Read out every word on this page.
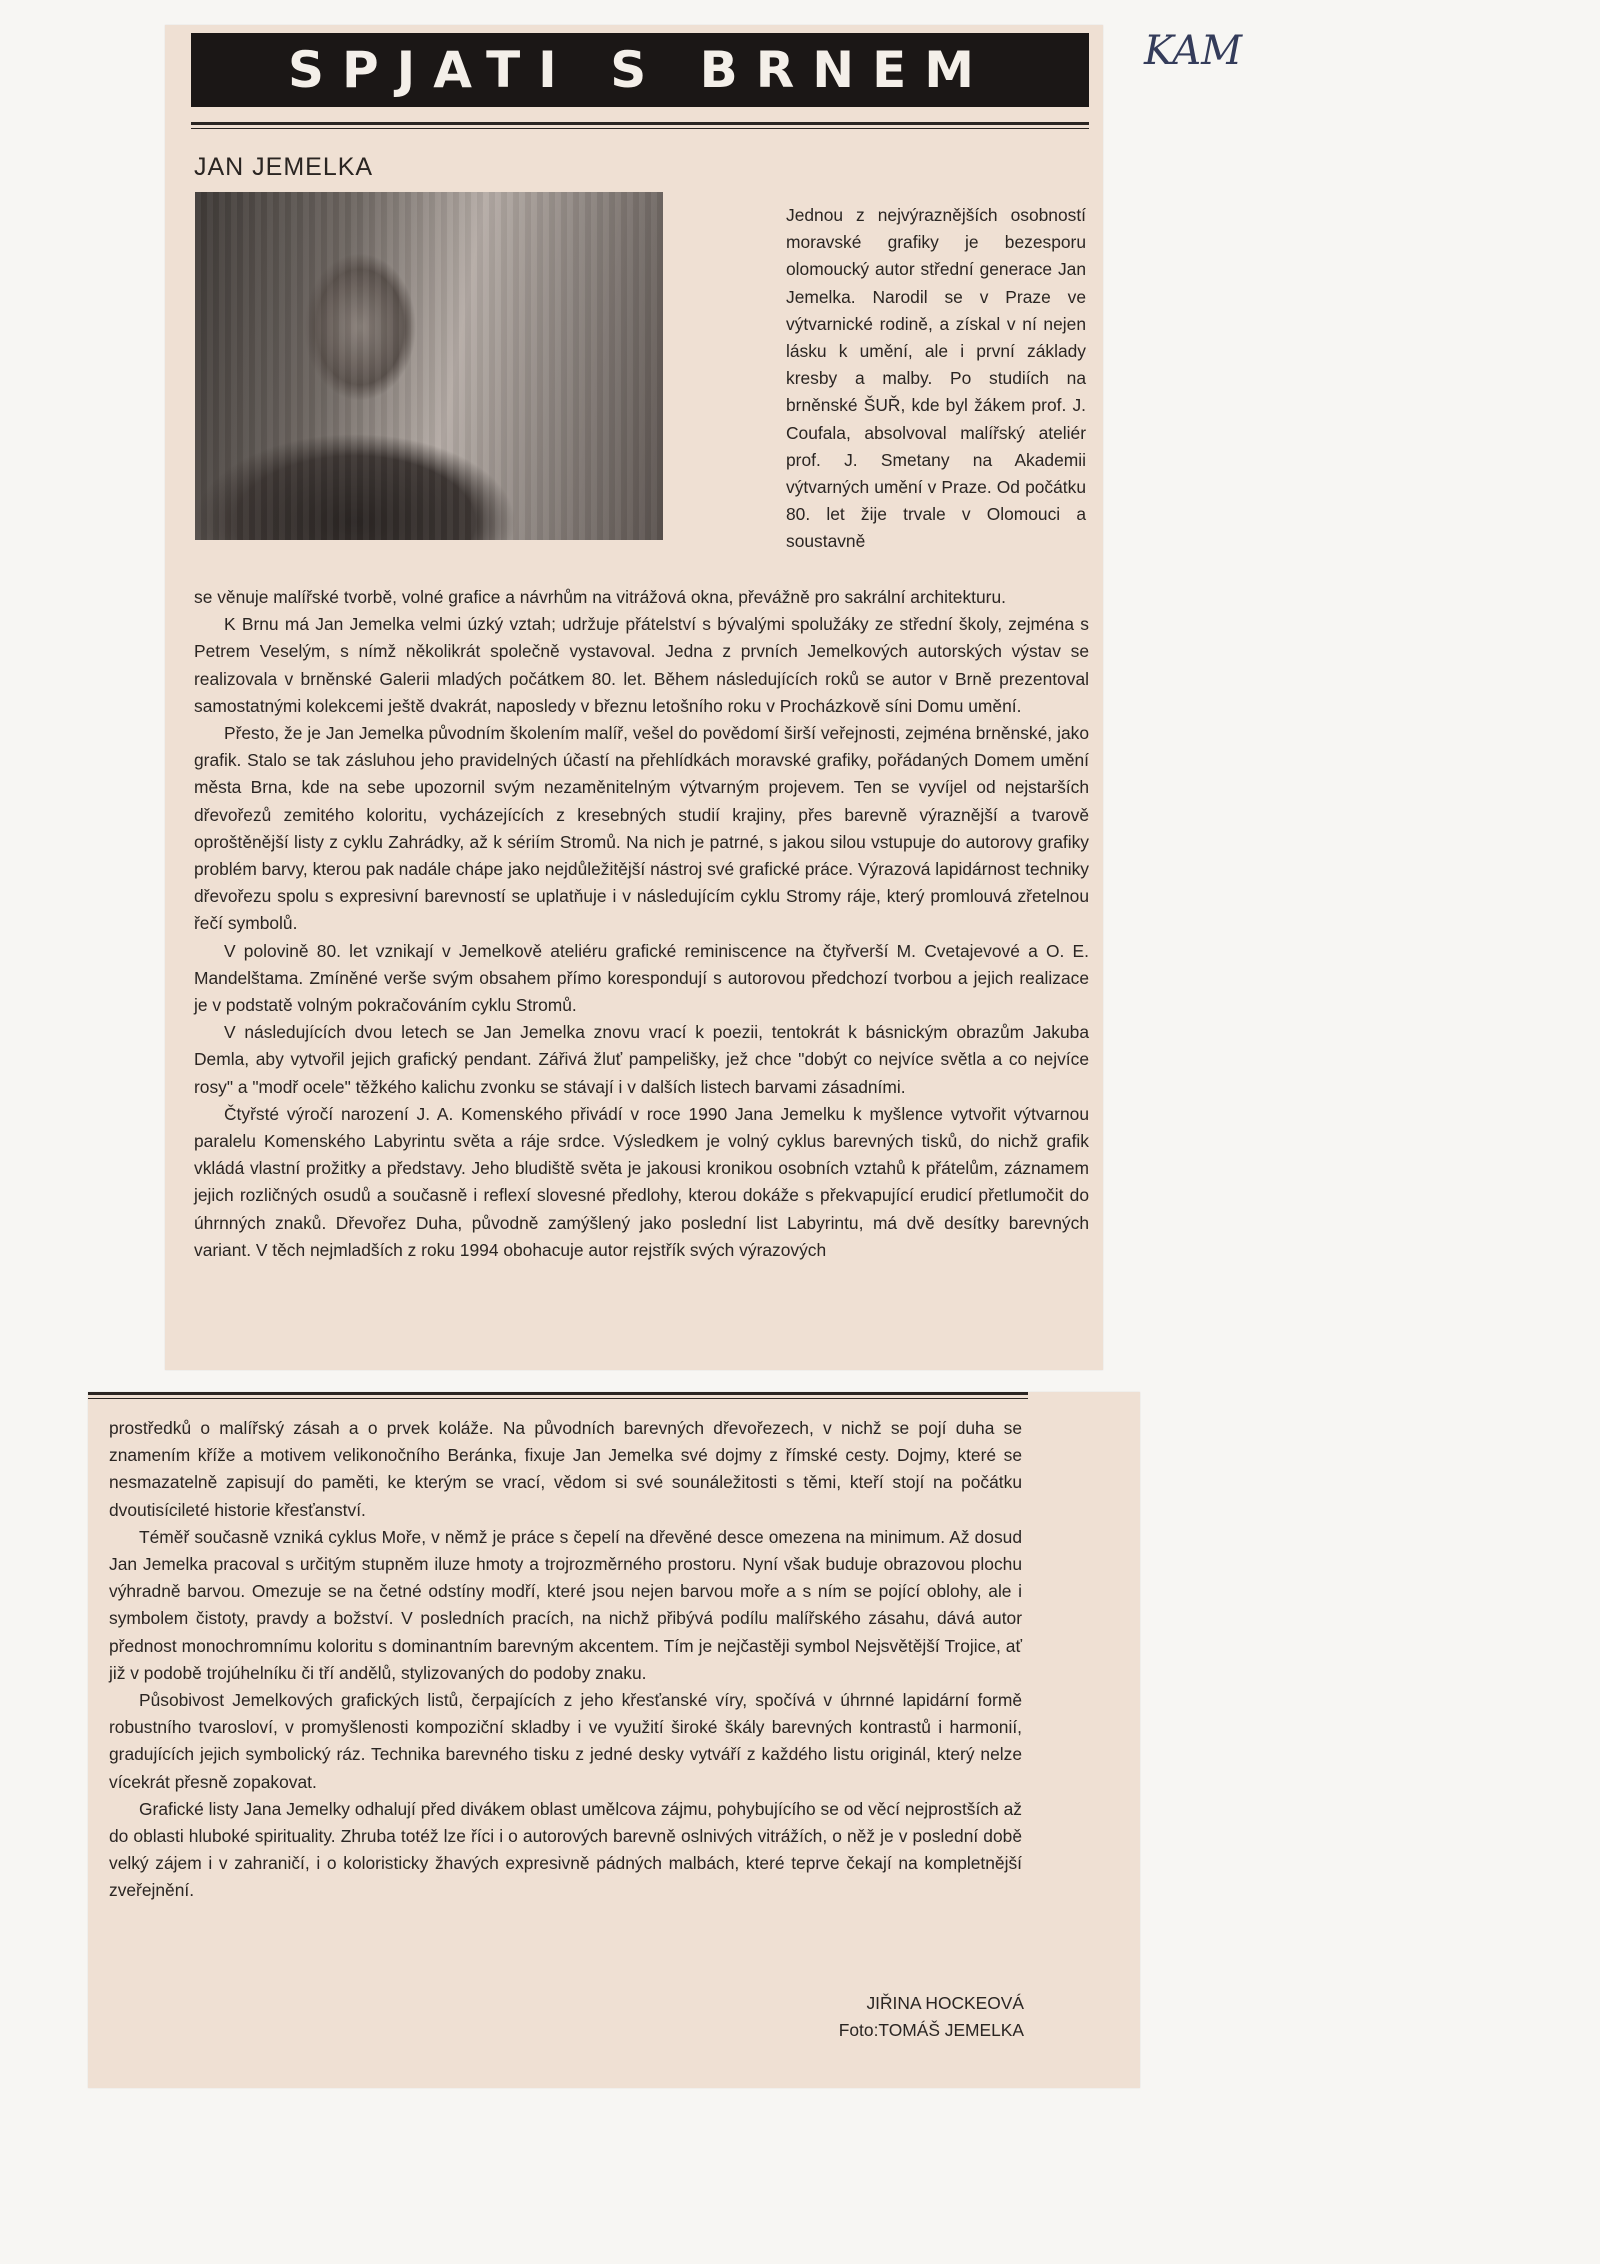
KAM
SPJATI S BRNEM
JAN JEMELKA
Jednou z nejvýraznějších osobností moravské grafiky je bezesporu olomoucký autor střední generace Jan Jemelka. Narodil se v Praze ve výtvarnické rodině, a získal v ní nejen lásku k umění, ale i první základy kresby a malby. Po studiích na brněnské ŠUŘ, kde byl žákem prof. J. Coufala, absolvoval malířský ateliér prof. J. Smetany na Akademii výtvarných umění v Praze. Od počátku 80. let žije trvale v Olomouci a soustavně

se věnuje malířské tvorbě, volné grafice a návrhům na vitrážová okna, převážně pro sakrální architekturu.

K Brnu má Jan Jemelka velmi úzký vztah; udržuje přátelství s bývalými spolužáky ze střední školy, zejména s Petrem Veselým, s nímž několikrát společně vystavoval. Jedna z prvních Jemelkových autorských výstav se realizovala v brněnské Galerii mladých počátkem 80. let. Během následujících roků se autor v Brně prezentoval samostatnými kolekcemi ještě dvakrát, naposledy v březnu letošního roku v Procházkově síni Domu umění.

Přesto, že je Jan Jemelka původním školením malíř, vešel do povědomí širší veřejnosti, zejména brněnské, jako grafik. Stalo se tak zásluhou jeho pravidelných účastí na přehlídkách moravské grafiky, pořádaných Domem umění města Brna, kde na sebe upozornil svým nezaměnitelným výtvarným projevem. Ten se vyvíjel od nejstarších dřevořezů zemitého koloritu, vycházejících z kresebných studií krajiny, přes barevně výraznější a tvarově oproštěnější listy z cyklu Zahrádky, až k sériím Stromů. Na nich je patrné, s jakou silou vstupuje do autorovy grafiky problém barvy, kterou pak nadále chápe jako nejdůležitější nástroj své grafické práce. Výrazová lapidárnost techniky dřevořezu spolu s expresivní barevností se uplatňuje i v následujícím cyklu Stromy ráje, který promlouvá zřetelnou řečí symbolů.

V polovině 80. let vznikají v Jemelkově ateliéru grafické reminiscence na čtyřverší M. Cvetajevové a O. E. Mandelštama. Zmíněné verše svým obsahem přímo korespondují s autorovou předchozí tvorbou a jejich realizace je v podstatě volným pokračováním cyklu Stromů.

V následujících dvou letech se Jan Jemelka znovu vrací k poezii, tentokrát k básnickým obrazům Jakuba Demla, aby vytvořil jejich grafický pendant. Zářivá žluť pampelišky, jež chce "dobýt co nejvíce světla a co nejvíce rosy" a "modř ocele" těžkého kalichu zvonku se stávají i v dalších listech barvami zásadními.

Čtyřsté výročí narození J. A. Komenského přivádí v roce 1990 Jana Jemelku k myšlence vytvořit výtvarnou paralelu Komenského Labyrintu světa a ráje srdce. Výsledkem je volný cyklus barevných tisků, do nichž grafik vkládá vlastní prožitky a představy. Jeho bludiště světa je jakousi kronikou osobních vztahů k přátelům, záznamem jejich rozličných osudů a současně i reflexí slovesné předlohy, kterou dokáže s překvapující erudicí přetlumočit do úhrnných znaků. Dřevořez Duha, původně zamýšlený jako poslední list Labyrintu, má dvě desítky barevných variant. V těch nejmladších z roku 1994 obohacuje autor rejstřík svých výrazových

prostředků o malířský zásah a o prvek koláže. Na původních barevných dřevořezech, v nichž se pojí duha se znamením kříže a motivem velikonočního Beránka, fixuje Jan Jemelka své dojmy z římské cesty. Dojmy, které se nesmazatelně zapisují do paměti, ke kterým se vrací, vědom si své sounáležitosti s těmi, kteří stojí na počátku dvoutisícileté historie křesťanství.

Téměř současně vzniká cyklus Moře, v němž je práce s čepelí na dřevěné desce omezena na minimum. Až dosud Jan Jemelka pracoval s určitým stupněm iluze hmoty a trojrozměrného prostoru. Nyní však buduje obrazovou plochu výhradně barvou. Omezuje se na četné odstíny modří, které jsou nejen barvou moře a s ním se pojící oblohy, ale i symbolem čistoty, pravdy a božství. V posledních pracích, na nichž přibývá podílu malířského zásahu, dává autor přednost monochromnímu koloritu s dominantním barevným akcentem. Tím je nejčastěji symbol Nejsvětější Trojice, ať již v podobě trojúhelníku či tří andělů, stylizovaných do podoby znaku.

Působivost Jemelkových grafických listů, čerpajících z jeho křesťanské víry, spočívá v úhrnné lapidární formě robustního tvarosloví, v promyšlenosti kompoziční skladby i ve využití široké škály barevných kontrastů i harmonií, gradujících jejich symbolický ráz. Technika barevného tisku z jedné desky vytváří z každého listu originál, který nelze vícekrát přesně zopakovat.

Grafické listy Jana Jemelky odhalují před divákem oblast umělcova zájmu, pohybujícího se od věcí nejprostších až do oblasti hluboké spirituality. Zhruba totéž lze říci i o autorových barevně oslnivých vitrážích, o něž je v poslední době velký zájem i v zahraničí, i o koloristicky žhavých expresivně pádných malbách, které teprve čekají na kompletnější zveřejnění.

JIŘINA HOCKEOVÁ
Foto:TOMÁŠ JEMELKA
